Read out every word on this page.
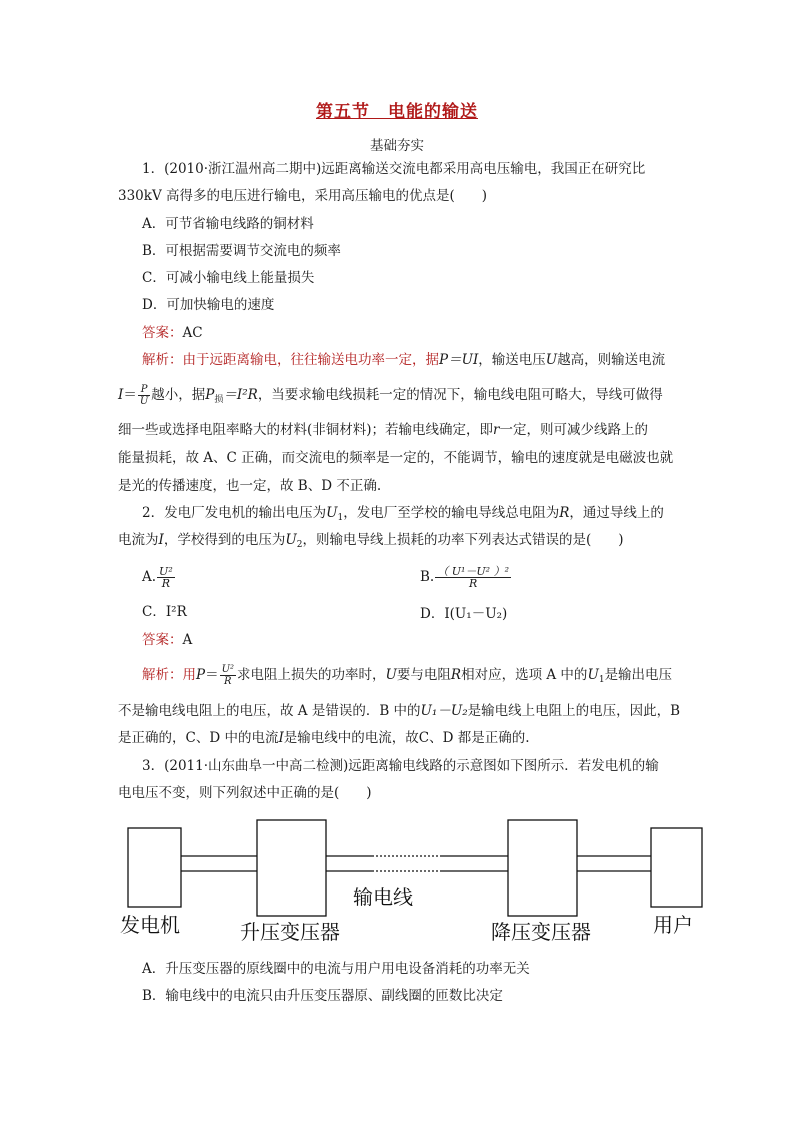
第五节　电能的输送
基础夯实
1．(2010·浙江温州高二期中)远距离输送交流电都采用高电压输电，我国正在研究比
330kV 高得多的电压进行输电，采用高压输电的优点是(　　)
A．可节省输电线路的铜材料
B．可根据需要调节交流电的频率
C．可减小输电线上能量损失
D．可加快输电的速度
答案：AC
解析：由于远距离输电，往往输送电功率一定，据P＝UI，输送电压U越高，则输送电流
$I= \frac{P}{U}$ 越小，据$P_损=I^2R$，当要求输电线损耗一定的情况下，输电线电阻可略大，导线可做得
细一些或选择电阻率略大的材料(非铜材料)；若输电线确定，即r一定，则可减少线路上的
能量损耗，故 A、C 正确，而交流电的频率是一定的，不能调节，输电的速度就是电磁波也就
是光的传播速度，也一定，故 B、D 不正确.
2．发电厂发电机的输出电压为$U_1$，发电厂至学校的输电导线总电阻为R，通过导线上的
电流为I，学校得到的电压为$U_2$，则输电导线上损耗的功率下列表达式错误的是(　　)
A. $\frac{\text{U²}}{R}$	B. $\frac{\text{（ U¹－U² ）²}}{R}$
C．I²R	D．I(U₁－U₂)
答案：A
解析：用$P= \frac{\text{U²}}{R}$ 求电阻上损失的功率时，U要与电阻R相对应，选项 A 中的$U_1$是输出电压
不是输电线电阻上的电压，故 A 是错误的．B 中的U₁－U₂是输电线上电阻上的电压，因此，B
是正确的，C、D 中的电流I是输电线中的电流，故C、D 都是正确的.
3．(2011·山东曲阜一中高二检测)远距离输电线路的示意图如下图所示．若发电机的输
电电压不变，则下列叙述中正确的是(　　)
输电线
发电机	升压变压器	降压变压器	用户
A．升压变压器的原线圈中的电流与用户用电设备消耗的功率无关
B．输电线中的电流只由升压变压器原、副线圈的匝数比决定
